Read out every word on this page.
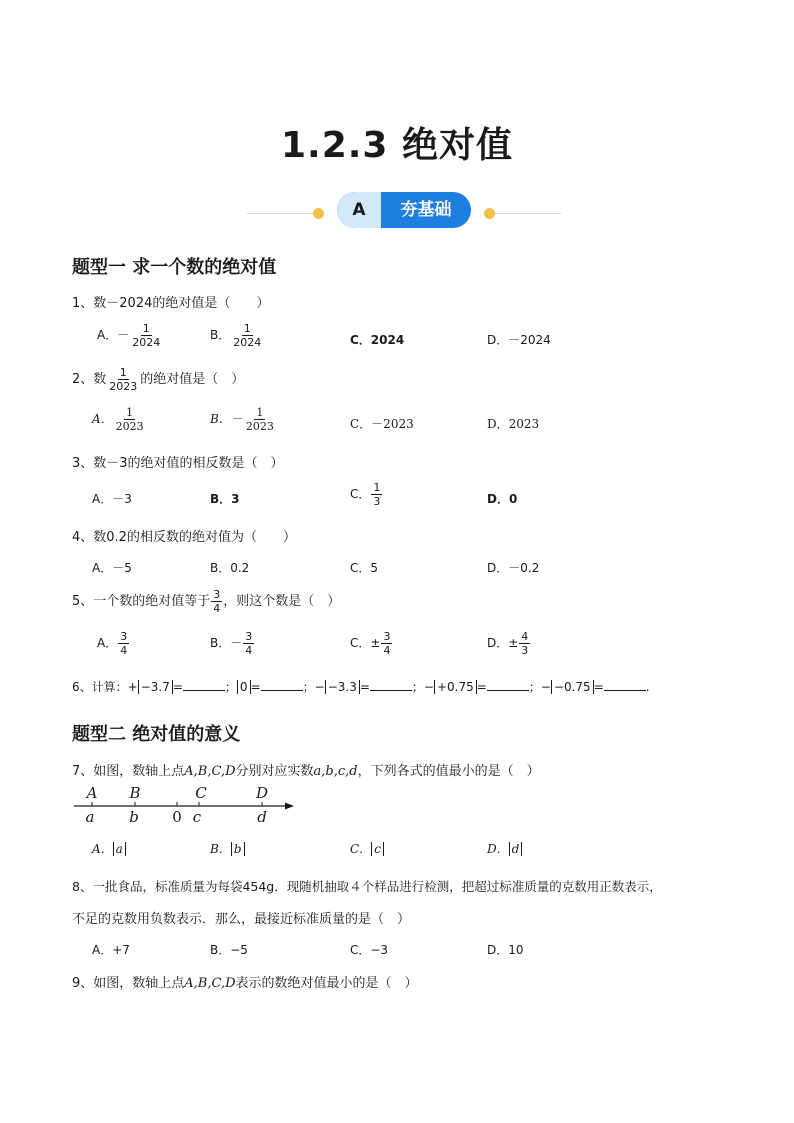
1.2.3 绝对值
A	夯基础
题型一 求一个数的绝对值
1、数－2024的绝对值是（　　）
A．－ $\frac{1}{2024}$	B． $\frac{1}{2024}$	C．2024	D．－2024
2、数 $\frac{1}{2023}$ 的绝对值是（　）
A． $\frac{1}{2023}$	B．－ $\frac{1}{2023}$	C．－2023	D．2023
3、数－3的绝对值的相反数是（　）
A．－3	B．3	C． $\frac{1}{3}$	D．0
4、数0.2的相反数的绝对值为（　　）
A．－5	B．0.2	C．5	D．－0.2
5、一个数的绝对值等于 $\frac{3}{4}$ ，则这个数是（　）
A． $\frac{3}{4}$	B．－ $\frac{3}{4}$	C．± $\frac{3}{4}$	D．± $\frac{4}{3}$
6、计算：+ −3.7 =	； 0 =	；− −3.3 =	；− +0.75 =	；− −0.75 =	.
题型二 绝对值的意义
7、如图，数轴上点A,B,C,D分别对应实数a,b,c,d，下列各式的值最小的是（　）
A B	C	D
a b 0 c	d
A． a	B． b	C． c	D． d
8、一批食品，标准质量为每袋454g．现随机抽取４个样品进行检测，把超过标准质量的克数用正数表示，
不足的克数用负数表示．那么，最接近标准质量的是（　）
A．+7	B．−5	C．−3	D．10
9、如图，数轴上点A,B,C,D表示的数绝对值最小的是（　）
